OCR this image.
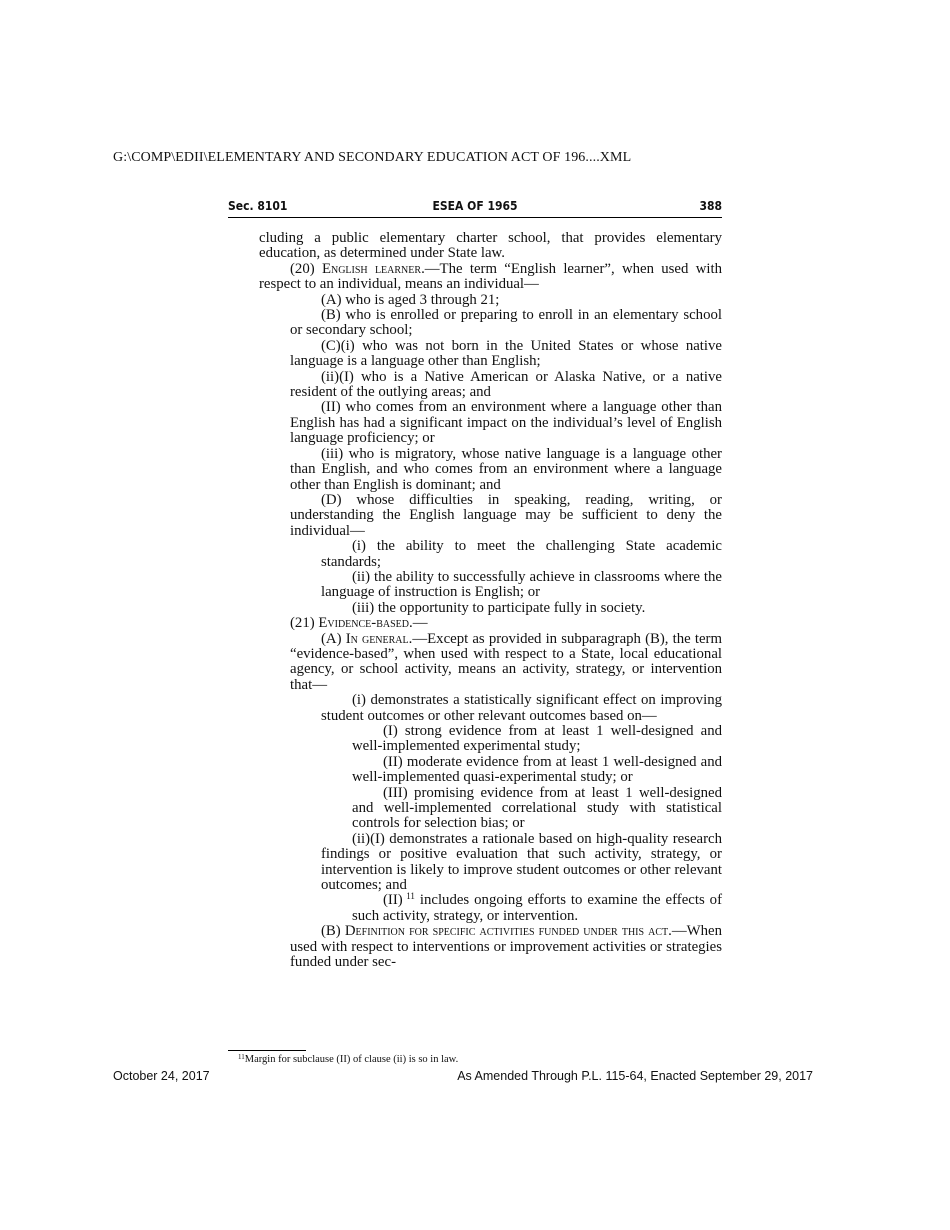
G:\COMP\EDII\ELEMENTARY AND SECONDARY EDUCATION ACT OF 196....XML
Sec. 8101	ESEA OF 1965	388

cluding a public elementary charter school, that provides elementary education, as determined under State law.

(20) English learner.—The term “English learner”, when used with respect to an individual, means an individual—

(A) who is aged 3 through 21;

(B) who is enrolled or preparing to enroll in an elementary school or secondary school;

(C)(i) who was not born in the United States or whose native language is a language other than English;

(ii)(I) who is a Native American or Alaska Native, or a native resident of the outlying areas; and

(II) who comes from an environment where a language other than English has had a significant impact on the individual’s level of English language proficiency; or

(iii) who is migratory, whose native language is a language other than English, and who comes from an environment where a language other than English is dominant; and

(D) whose difficulties in speaking, reading, writing, or understanding the English language may be sufficient to deny the individual—

(i) the ability to meet the challenging State academic standards;

(ii) the ability to successfully achieve in classrooms where the language of instruction is English; or

(iii) the opportunity to participate fully in society.

(21) Evidence-based.—

(A) In general.—Except as provided in subparagraph (B), the term “evidence-based”, when used with respect to a State, local educational agency, or school activity, means an activity, strategy, or intervention that—

(i) demonstrates a statistically significant effect on improving student outcomes or other relevant outcomes based on—

(I) strong evidence from at least 1 well-designed and well-implemented experimental study;

(II) moderate evidence from at least 1 well-designed and well-implemented quasi-experimental study; or

(III) promising evidence from at least 1 well-designed and well-implemented correlational study with statistical controls for selection bias; or

(ii)(I) demonstrates a rationale based on high-quality research findings or positive evaluation that such activity, strategy, or intervention is likely to improve student outcomes or other relevant outcomes; and

(II) $^{11}$ includes ongoing efforts to examine the effects of such activity, strategy, or intervention.

(B) Definition for specific activities funded under this act.—When used with respect to interventions or improvement activities or strategies funded under sec-

$^{11}$Margin for subclause (II) of clause (ii) is so in law.
October 24, 2017	As Amended Through P.L. 115-64, Enacted September 29, 2017
